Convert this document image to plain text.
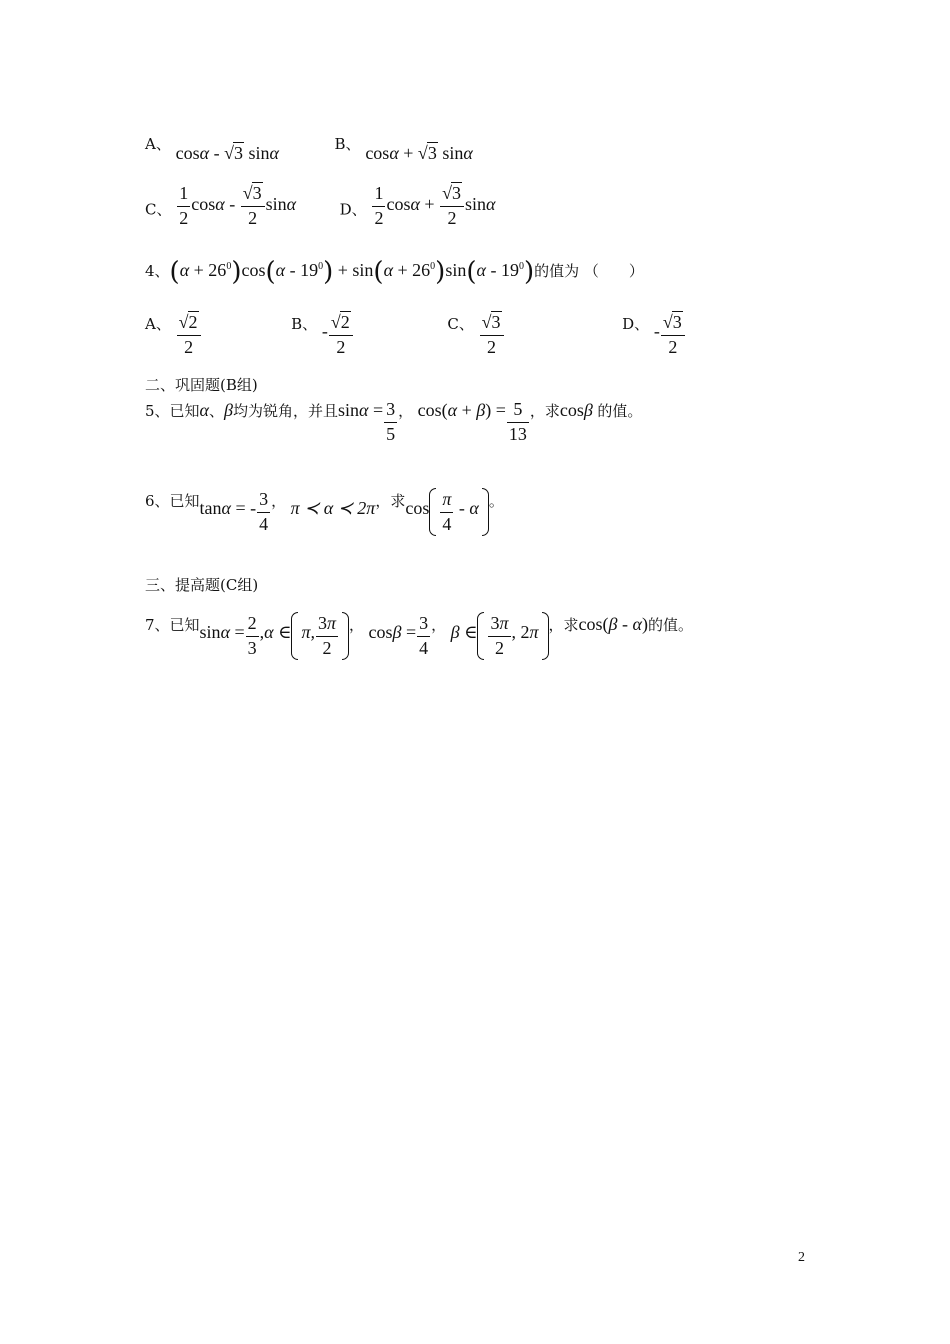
A、 cosα - √3 sinα	B、 cosα + √3 sinα
C、 $\frac{1}{2}$ cosα - $\frac{√3}{2}$ sinα	D、 $\frac{1}{2}$ $\cos\alpha + \frac{√3}{2}$ sinα
4、$(\alpha + 26^0)\cos(\alpha - 19^0) + \sin(\alpha + 26^0)\sin(\alpha - 19^0)$的值为 （　　）
A、 $\frac{√2}{2}$	B、 - $\frac{√2}{2}$	C、 $\frac{√3}{2}$	D、 - $\frac{√3}{2}$
二、巩固题(B组)
5、已知α、β均为锐角，并且$\sin\alpha = \frac{3}{5}$ ， $\cos(\alpha + \beta) = \frac{5}{13}$ ，求cosβ 的值。
6、已知tanα = - $\frac{3}{4}$ ， π ≺ α ≺ 2π，求$\cos \frac{\pi}{4}$ - α 。
三、提高题(C组)
7、已知$\sin\alpha = \frac{2}{3} ,\alpha$ ∈ π, $\frac{3\pi}{2}$ ， $\cos\beta = \frac{3}{4}$ ， β ∈ $\frac{3\pi}{2}$ , 2π ，求cos(β - α)的值。
2
